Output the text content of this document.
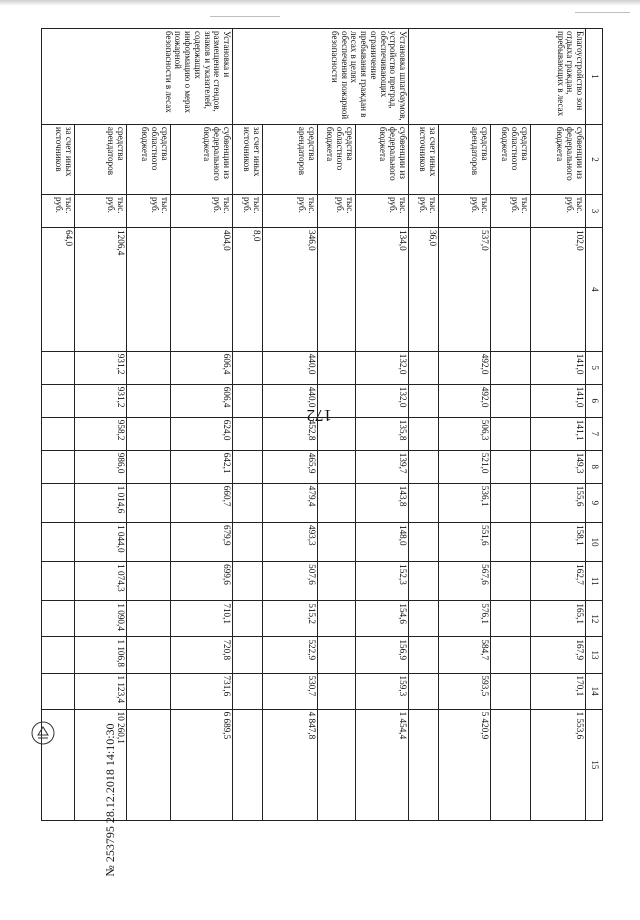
172
1	2	3	4	5	6	7	8	9	10	11	12	13	14	15
Благоустройство зон отдыха граждан, пребывающих в лесах	субвенции из федерального бюджета	тыс. руб.	102,0	141,0	141,0	141,1	149,3	155,6	158,1	162,7	165,1	167,9	170,1	1 553,6
	средства областного бюджета	тыс. руб.												
	средства арендаторов	тыс. руб.	537,0	492,0	492,0	506,3	521,0	536,1	551,6	567,6	576,1	584,7	593,5	5 420,9
	за счет иных источников	тыс. руб.	36,0											
Установка шлагбаумов, устройство преград, обеспечивающих ограничение пребывания граждан в лесах в целях обеспечения пожарной безопасности	субвенции из федерального бюджета	тыс. руб.	134,0	132,0	132,0	135,8	139,7	143,8	148,0	152,3	154,6	156,9	159,3	1 454,4
	средства областного бюджета	тыс. руб.												
	средства арендаторов	тыс. руб.	346,0	440,0	440,0	452,8	465,9	479,4	493,3	507,6	515,2	522,9	530,7	4 847,8
	за счет иных источников	тыс. руб.	8,0											
Установка и размещение стендов, знаков и указателей, содержащих информацию о мерах пожарной безопасности в лесах	субвенции из федерального бюджета	тыс. руб.	404,0	606,4	606,4	624,0	642,1	660,7	679,9	699,6	710,1	720,8	731,6	6 689,5
	средства областного бюджета	тыс. руб.												
	средства арендаторов	тыс. руб.	1206,4	931,2	931,2	958,2	986,0	1 014,6	1 044,0	1 074,3	1 090,4	1 106,8	1 123,4	10 260,1
	за счет иных источников	тыс. руб.	64,0											
№ 253795 28.12.2018 14:10:30
